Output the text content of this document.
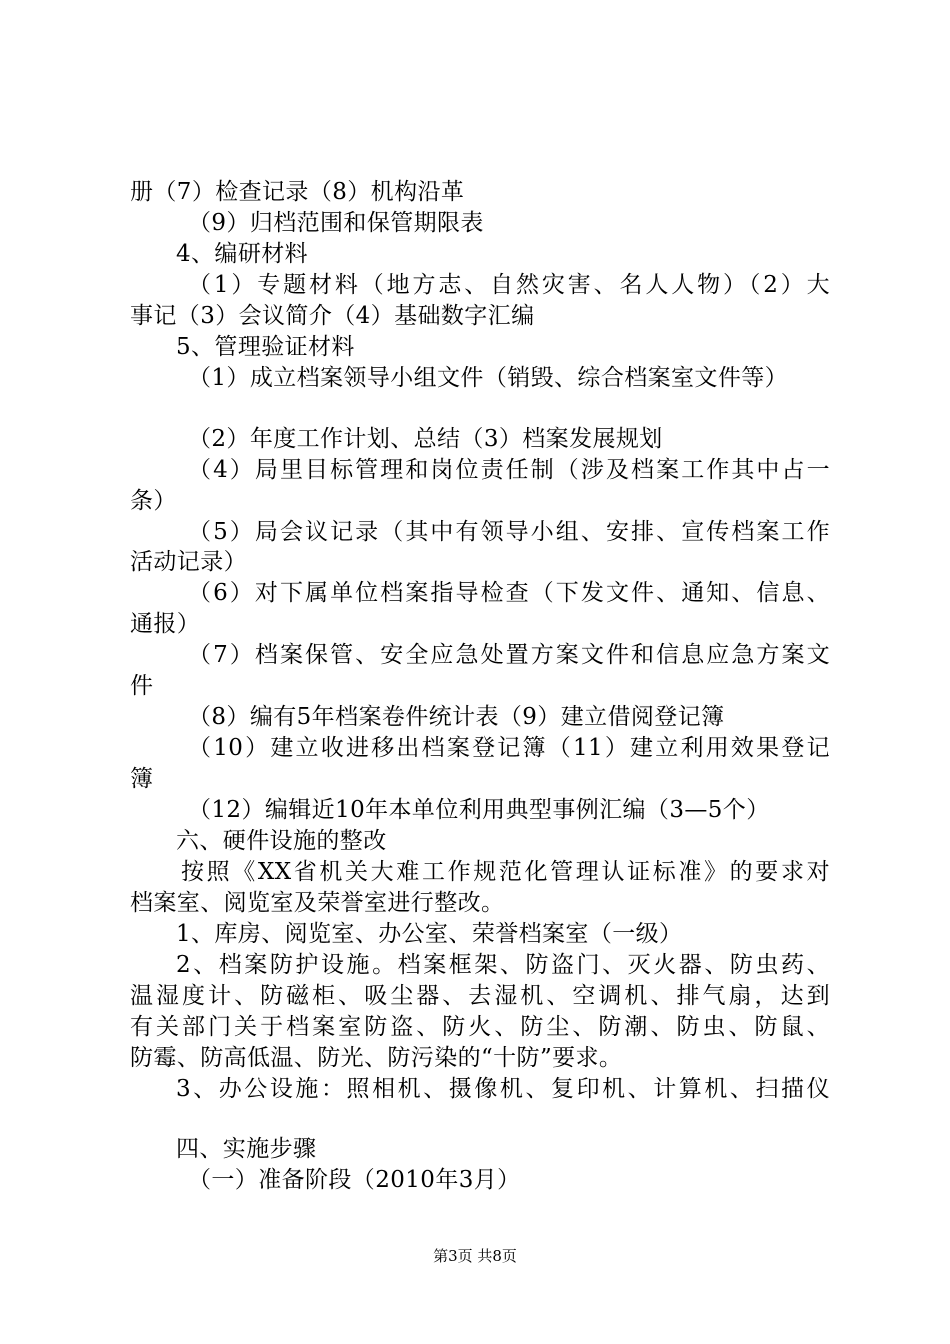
册（7）检查记录（8）机构沿革
（9）归档范围和保管期限表
4、编研材料
（1）专题材料（地方志、自然灾害、名人人物）（2）大
事记（3）会议简介（4）基础数字汇编
5、管理验证材料
（1）成立档案领导小组文件（销毁、综合档案室文件等）
（2）年度工作计划、总结（3）档案发展规划
（4）局里目标管理和岗位责任制（涉及档案工作其中占一
条）
（5）局会议记录（其中有领导小组、安排、宣传档案工作
活动记录）
（6）对下属单位档案指导检查（下发文件、通知、信息、
通报）
（7）档案保管、安全应急处置方案文件和信息应急方案文
件
（8）编有5年档案卷件统计表（9）建立借阅登记簿
（10）建立收进移出档案登记簿（11）建立利用效果登记
簿
（12）编辑近10年本单位利用典型事例汇编（3—5个）
六、硬件设施的整改
按照《XX省机关大难工作规范化管理认证标准》的要求对
档案室、阅览室及荣誉室进行整改。
1、库房、阅览室、办公室、荣誉档案室（一级）
2、档案防护设施。档案框架、防盗门、灭火器、防虫药、
温湿度计、防磁柜、吸尘器、去湿机、空调机、排气扇，达到
有关部门关于档案室防盗、防火、防尘、防潮、防虫、防鼠、
防霉、防高低温、防光、防污染的“十防”要求。
3、办公设施：照相机、摄像机、复印机、计算机、扫描仪
四、实施步骤
（一）准备阶段（2010年3月）
第3页 共8页
